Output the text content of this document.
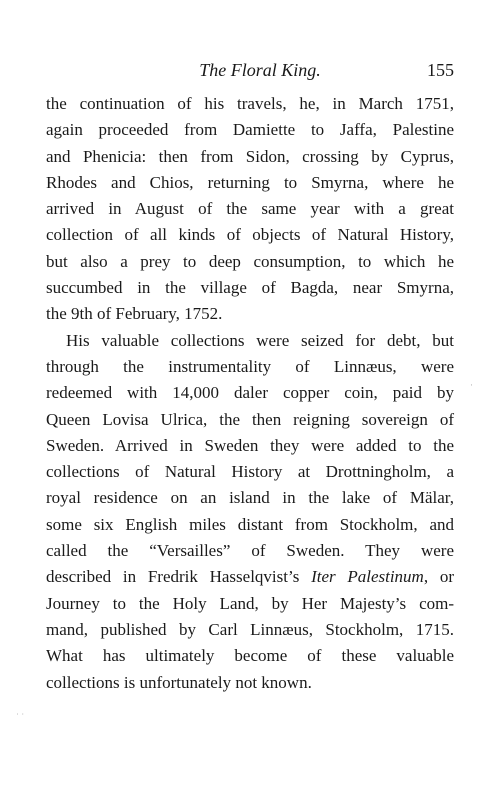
The Floral King.	155

the continuation of his travels, he, in March 1751,
again proceeded from Damiette to Jaffa, Palestine
and Phenicia: then from Sidon, crossing by Cyprus,
Rhodes and Chios, returning to Smyrna, where he
arrived in August of the same year with a great
collection of all kinds of objects of Natural History,
but also a prey to deep consumption, to which he
succumbed in the village of Bagda, near Smyrna,
the 9th of February, 1752.

His valuable collections were seized for debt, but
through the instrumentality of Linnæus, were
redeemed with 14,000 daler copper coin, paid by
Queen Lovisa Ulrica, the then reigning sovereign of
Sweden. Arrived in Sweden they were added to the
collections of Natural History at Drottningholm, a
royal residence on an island in the lake of Mälar,
some six English miles distant from Stockholm, and
called the “Versailles” of Sweden. They were
described in Fredrik Hasselqvist’s Iter Palestinum, or
Journey to the Holy Land, by Her Majesty’s com-
mand, published by Carl Linnæus, Stockholm, 1715.
What has ultimately become of these valuable
collections is unfortunately not known.

˙ ˙
·
